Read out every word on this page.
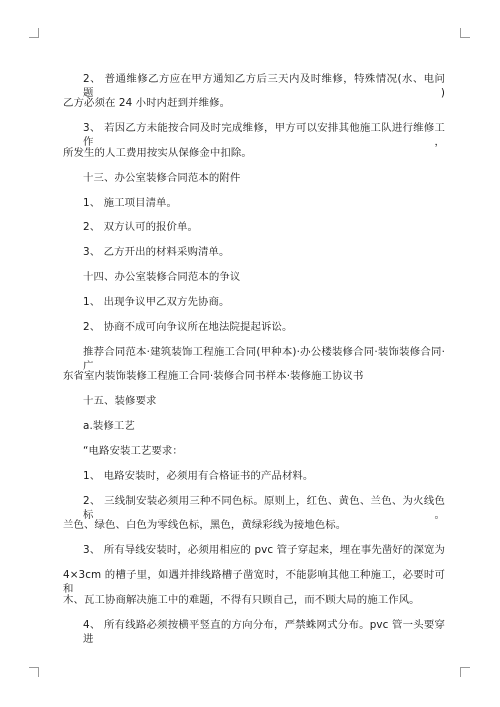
2、 普通维修乙方应在甲方通知乙方后三天内及时维修，特殊情况(水、电问题)
乙方必须在 24 小时内赶到并维修。
3、 若因乙方未能按合同及时完成维修，甲方可以安排其他施工队进行维修工作，
所发生的人工费用按实从保修金中扣除。
十三、办公室装修合同范本的附件
1、 施工项目清单。
2、 双方认可的报价单。
3、 乙方开出的材料采购清单。
十四、办公室装修合同范本的争议
1、 出现争议甲乙双方先协商。
2、 协商不成可向争议所在地法院提起诉讼。
推荐合同范本·建筑装饰工程施工合同(甲种本)·办公楼装修合同·装饰装修合同·广
东省室内装饰装修工程施工合同·装修合同书样本·装修施工协议书
十五、装修要求
a.装修工艺
“电路安装工艺要求：
1、 电路安装时，必须用有合格证书的产品材料。
2、 三线制安装必须用三种不同色标。原则上，红色、黄色、兰色、为火线色标。
兰色、绿色、白色为零线色标，黑色，黄绿彩线为接地色标。
3、 所有导线安装时，必须用相应的 pvc 管子穿起来，埋在事先凿好的深宽为
4×3cm 的槽子里，如遇并排线路槽子凿宽时，不能影响其他工种施工，必要时可和
木、瓦工协商解决施工中的难题，不得有只顾自己，而不顾大局的施工作风。
4、 所有线路必须按横平竖直的方向分布，严禁蛛网式分布。pvc 管一头要穿进
